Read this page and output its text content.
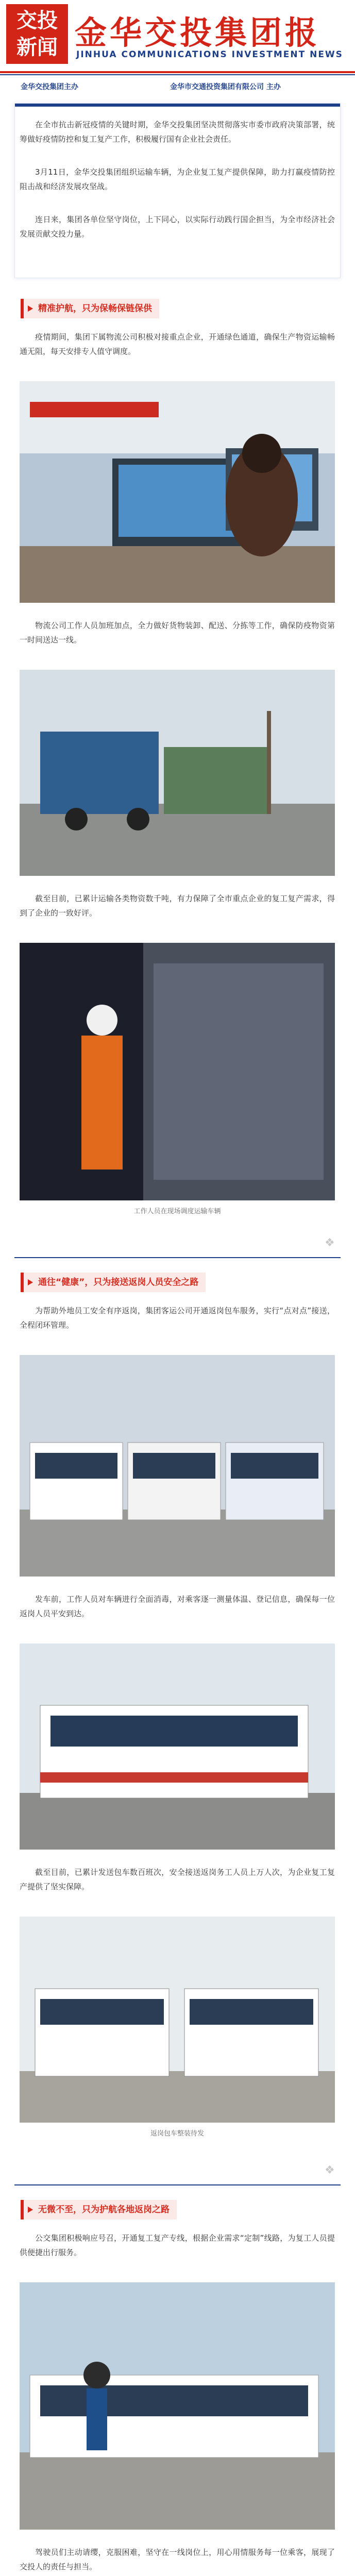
交投
新闻 金华交投集团报
JINHUA COMMUNICATIONS INVESTMENT NEWS
金华交投集团主办	金华市交通投资集团有限公司 主办

在全市抗击新冠疫情的关键时期，金华交投集团坚决贯彻落实市委市政府决策部署，统筹做好疫情防控和复工复产工作，积极履行国有企业社会责任。

3月11日，金华交投集团组织运输车辆，为企业复工复产提供保障，助力打赢疫情防控阻击战和经济发展攻坚战。

连日来，集团各单位坚守岗位，上下同心，以实际行动践行国企担当，为全市经济社会发展贡献交投力量。

精准护航，只为保畅保链保供

疫情期间，集团下属物流公司积极对接重点企业，开通绿色通道，确保生产物资运输畅通无阻，每天安排专人值守调度。

物流公司工作人员加班加点，全力做好货物装卸、配送、分拣等工作，确保防疫物资第一时间送达一线。

截至目前，已累计运输各类物资数千吨，有力保障了全市重点企业的复工复产需求，得到了企业的一致好评。

工作人员在现场调度运输车辆
❖
通往“健康”，只为接送返岗人员安全之路

为帮助外地员工安全有序返岗，集团客运公司开通返岗包车服务，实行“点对点”接送，全程闭环管理。

发车前，工作人员对车辆进行全面消毒，对乘客逐一测量体温、登记信息，确保每一位返岗人员平安到达。

截至目前，已累计发送包车数百班次，安全接送返岗务工人员上万人次，为企业复工复产提供了坚实保障。

返岗包车整装待发
❖
无微不至，只为护航各地返岗之路

公交集团积极响应号召，开通复工复产专线，根据企业需求“定制”线路，为复工人员提供便捷出行服务。

驾驶员们主动请缨，克服困难，坚守在一线岗位上，用心用情服务每一位乘客，展现了交投人的责任与担当。
